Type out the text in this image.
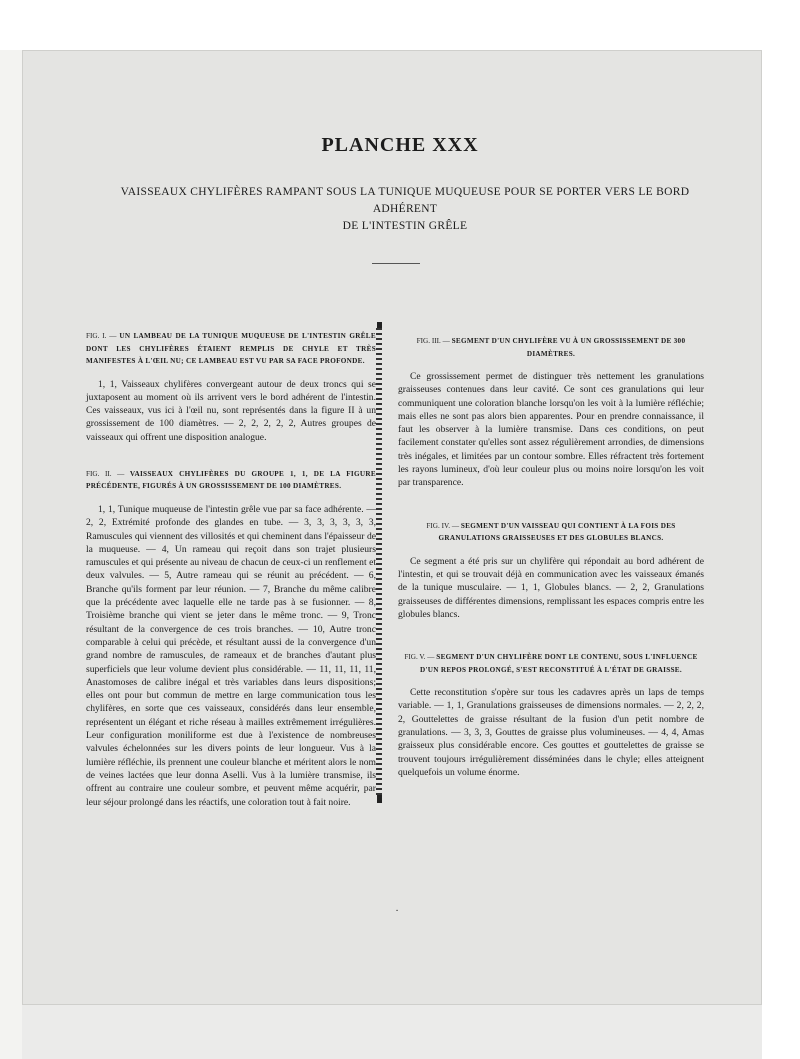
PLANCHE XXX
VAISSEAUX CHYLIFÈRES RAMPANT SOUS LA TUNIQUE MUQUEUSE POUR SE PORTER VERS LE BORD ADHÉRENT
DE L'INTESTIN GRÊLE

FIG. I. — UN LAMBEAU DE LA TUNIQUE MUQUEUSE DE L'INTESTIN GRÊLE DONT LES CHYLIFÈRES ÉTAIENT REMPLIS DE CHYLE ET TRÈS MANIFESTES À L'ŒIL NU; CE LAMBEAU EST VU PAR SA FACE PROFONDE.

1, 1, Vaisseaux chylifères convergeant autour de deux troncs qui se juxtaposent au moment où ils arrivent vers le bord adhérent de l'intestin. Ces vaisseaux, vus ici à l'œil nu, sont représentés dans la figure II à un grossissement de 100 diamètres. — 2, 2, 2, 2, 2, Autres groupes de vaisseaux qui offrent une disposition analogue.

FIG. II. — VAISSEAUX CHYLIFÈRES DU GROUPE 1, 1, DE LA FIGURE PRÉCÉDENTE, FIGURÉS À UN GROSSISSEMENT DE 100 DIAMÈTRES.

1, 1, Tunique muqueuse de l'intestin grêle vue par sa face adhérente. — 2, 2, Extrémité profonde des glandes en tube. — 3, 3, 3, 3, 3, 3, Ramuscules qui viennent des villosités et qui cheminent dans l'épaisseur de la muqueuse. — 4, Un rameau qui reçoit dans son trajet plusieurs ramuscules et qui présente au niveau de chacun de ceux-ci un renflement et deux valvules. — 5, Autre rameau qui se réunit au précédent. — 6, Branche qu'ils forment par leur réunion. — 7, Branche du même calibre que la précédente avec laquelle elle ne tarde pas à se fusionner. — 8, Troisième branche qui vient se jeter dans le même tronc. — 9, Tronc résultant de la convergence de ces trois branches. — 10, Autre tronc comparable à celui qui précède, et résultant aussi de la convergence d'un grand nombre de ramuscules, de rameaux et de branches d'autant plus superficiels que leur volume devient plus considérable. — 11, 11, 11, 11, Anastomoses de calibre inégal et très variables dans leurs dispositions; elles ont pour but commun de mettre en large communication tous les chylifères, en sorte que ces vaisseaux, considérés dans leur ensemble, représentent un élégant et riche réseau à mailles extrêmement irrégulières. Leur configuration moniliforme est due à l'existence de nombreuses valvules échelonnées sur les divers points de leur longueur. Vus à la lumière réfléchie, ils prennent une couleur blanche et méritent alors le nom de veines lactées que leur donna Aselli. Vus à la lumière transmise, ils offrent au contraire une couleur sombre, et peuvent même acquérir, par leur séjour prolongé dans les réactifs, une coloration tout à fait noire.

FIG. III. — SEGMENT D'UN CHYLIFÈRE VU À UN GROSSISSEMENT DE 300 DIAMÈTRES.

Ce grossissement permet de distinguer très nettement les granulations graisseuses contenues dans leur cavité. Ce sont ces granulations qui leur communiquent une coloration blanche lorsqu'on les voit à la lumière réfléchie; mais elles ne sont pas alors bien apparentes. Pour en prendre connaissance, il faut les observer à la lumière transmise. Dans ces conditions, on peut facilement constater qu'elles sont assez régulièrement arrondies, de dimensions très inégales, et limitées par un contour sombre. Elles réfractent très fortement les rayons lumineux, d'où leur couleur plus ou moins noire lorsqu'on les voit par transparence.

FIG. IV. — SEGMENT D'UN VAISSEAU QUI CONTIENT À LA FOIS DES GRANULATIONS GRAISSEUSES ET DES GLOBULES BLANCS.

Ce segment a été pris sur un chylifère qui répondait au bord adhérent de l'intestin, et qui se trouvait déjà en communication avec les vaisseaux émanés de la tunique musculaire. — 1, 1, Globules blancs. — 2, 2, Granulations graisseuses de différentes dimensions, remplissant les espaces compris entre les globules blancs.

FIG. V. — SEGMENT D'UN CHYLIFÈRE DONT LE CONTENU, SOUS L'INFLUENCE D'UN REPOS PROLONGÉ, S'EST RECONSTITUÉ À L'ÉTAT DE GRAISSE.

Cette reconstitution s'opère sur tous les cadavres après un laps de temps variable. — 1, 1, Granulations graisseuses de dimensions normales. — 2, 2, 2, 2, Gouttelettes de graisse résultant de la fusion d'un petit nombre de granulations. — 3, 3, 3, Gouttes de graisse plus volumineuses. — 4, 4, Amas graisseux plus considérable encore. Ces gouttes et gouttelettes de graisse se trouvent toujours irrégulièrement disséminées dans le chyle; elles atteignent quelquefois un volume énorme.

·
